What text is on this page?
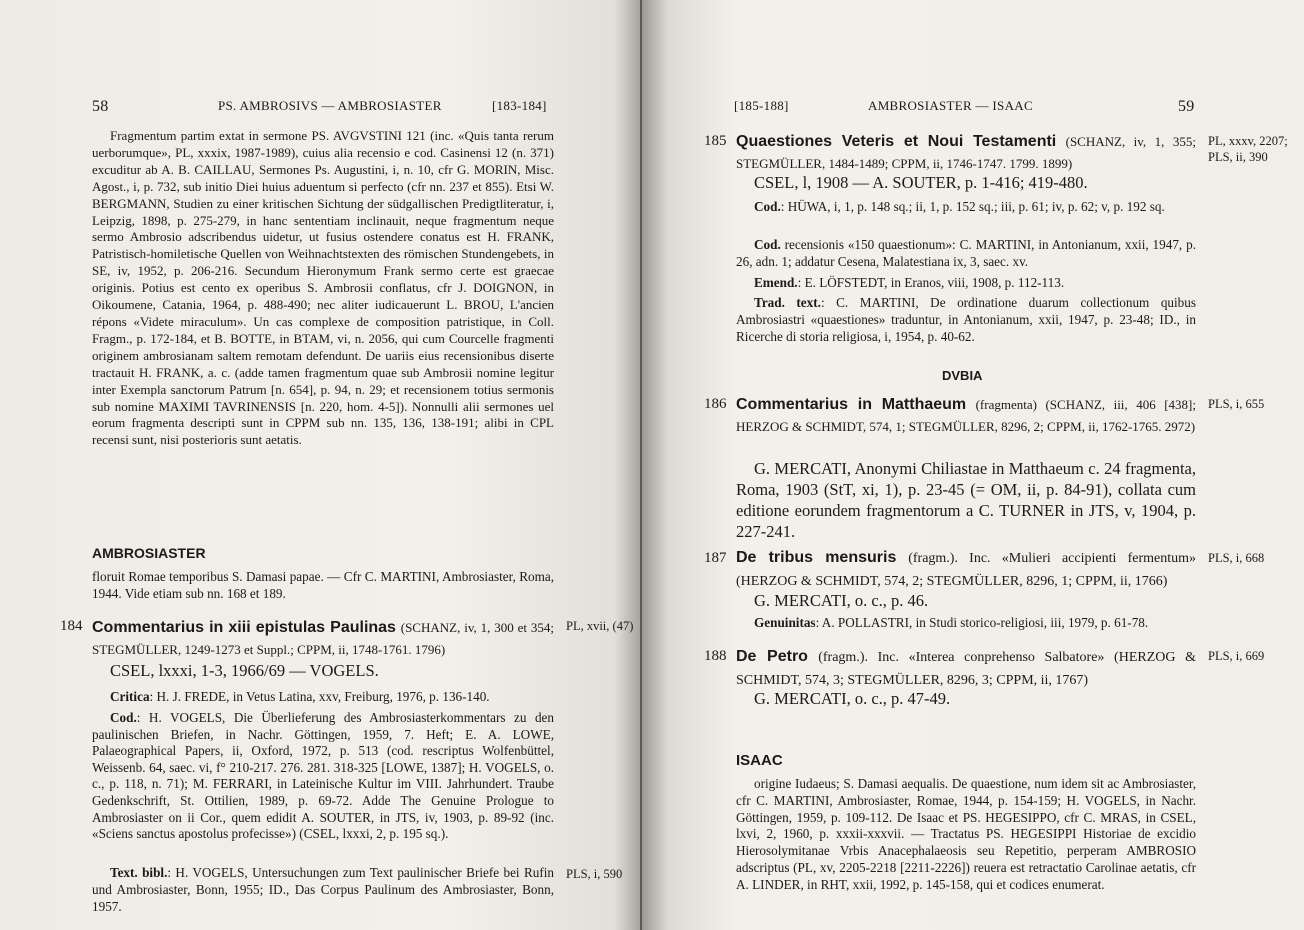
58	PS. AMBROSIVS — AMBROSIASTER	[183-184]

Fragmentum partim extat in sermone PS. AVGVSTINI 121 (inc. «Quis tanta rerum uerborumque», PL, xxxix, 1987-1989), cuius alia recensio e cod. Casinensi 12 (n. 371) excuditur ab A. B. CAILLAU, Sermones Ps. Augustini, i, n. 10, cfr G. MORIN, Misc. Agost., i, p. 732, sub initio Diei huius aduentum si perfecto (cfr nn. 237 et 855). Etsi W. BERGMANN, Studien zu einer kritischen Sichtung der südgallischen Predigtliteratur, i, Leipzig, 1898, p. 275-279, in hanc sententiam inclinauit, neque fragmentum neque sermo Ambrosio adscribendus uidetur, ut fusius ostendere conatus est H. FRANK, Patristisch-homiletische Quellen von Weihnachtstexten des römischen Stundengebets, in SE, iv, 1952, p. 206-216. Secundum Hieronymum Frank sermo certe est graecae originis. Potius est cento ex operibus S. Ambrosii conflatus, cfr J. DOIGNON, in Oikoumene, Catania, 1964, p. 488-490; nec aliter iudicauerunt L. BROU, L'ancien répons «Videte miraculum». Un cas complexe de composition patristique, in Coll. Fragm., p. 172-184, et B. BOTTE, in BTAM, vi, n. 2056, qui cum Courcelle fragmenti originem ambrosianam saltem remotam defendunt. De uariis eius recensionibus diserte tractauit H. FRANK, a. c. (adde tamen fragmentum quae sub Ambrosii nomine legitur inter Exempla sanctorum Patrum [n. 654], p. 94, n. 29; et recensionem totius sermonis sub nomine MAXIMI TAVRINENSIS [n. 220, hom. 4-5]). Nonnulli alii sermones uel eorum fragmenta descripti sunt in CPPM sub nn. 135, 136, 138-191; alibi in CPL recensi sunt, nisi posterioris sunt aetatis.

AMBROSIASTER

floruit Romae temporibus S. Damasi papae. — Cfr C. MARTINI, Ambrosiaster, Roma, 1944. Vide etiam sub nn. 168 et 189.

184 Commentarius in xiii epistulas Paulinas (SCHANZ, iv, 1, 300 et 354; STEGMÜLLER, 1249-1273 et Suppl.; CPPM, ii, 1748-1761. 1796)
PL, xvii, (47)
CSEL, lxxxi, 1-3, 1966/69 — VOGELS.

Critica: H. J. FREDE, in Vetus Latina, xxv, Freiburg, 1976, p. 136-140.

Cod.: H. VOGELS, Die Überlieferung des Ambrosiasterkommentars zu den paulinischen Briefen, in Nachr. Göttingen, 1959, 7. Heft; E. A. LOWE, Palaeographical Papers, ii, Oxford, 1972, p. 513 (cod. rescriptus Wolfenbüttel, Weissenb. 64, saec. vi, f° 210-217. 276. 281. 318-325 [LOWE, 1387]; H. VOGELS, o. c., p. 118, n. 71); M. FERRARI, in Lateinische Kultur im VIII. Jahrhundert. Traube Gedenkschrift, St. Ottilien, 1989, p. 69-72. Adde The Genuine Prologue to Ambrosiaster on ii Cor., quem edidit A. SOUTER, in JTS, iv, 1903, p. 89-92 (inc. «Sciens sanctus apostolus profecisse») (CSEL, lxxxi, 2, p. 195 sq.).

Text. bibl.: H. VOGELS, Untersuchungen zum Text paulinischer Briefe bei Rufin und Ambrosiaster, Bonn, 1955; ID., Das Corpus Paulinum des Ambrosiaster, Bonn, 1957.

PLS, i, 590
[185-188]	AMBROSIASTER — ISAAC	59
185 Quaestiones Veteris et Noui Testamenti (SCHANZ, iv, 1, 355; STEGMÜLLER, 1484-1489; CPPM, ii, 1746-1747. 1799. 1899)
PL, xxxv, 2207; PLS, ii, 390
CSEL, l, 1908 — A. SOUTER, p. 1-416; 419-480.

Cod.: HÜWA, i, 1, p. 148 sq.; ii, 1, p. 152 sq.; iii, p. 61; iv, p. 62; v, p. 192 sq.

Cod. recensionis «150 quaestionum»: C. MARTINI, in Antonianum, xxii, 1947, p. 26, adn. 1; addatur Cesena, Malatestiana ix, 3, saec. xv.

Emend.: E. LÖFSTEDT, in Eranos, viii, 1908, p. 112-113.

Trad. text.: C. MARTINI, De ordinatione duarum collectionum quibus Ambrosiastri «quaestiones» traduntur, in Antonianum, xxii, 1947, p. 23-48; ID., in Ricerche di storia religiosa, i, 1954, p. 40-62.

DVBIA
186 Commentarius in Matthaeum (fragmenta) (SCHANZ, iii, 406 [438]; HERZOG & SCHMIDT, 574, 1; STEGMÜLLER, 8296, 2; CPPM, ii, 1762-1765. 2972)
PLS, i, 655
G. MERCATI, Anonymi Chiliastae in Matthaeum c. 24 fragmenta, Roma, 1903 (StT, xi, 1), p. 23-45 (= OM, ii, p. 84-91), collata cum editione eorundem fragmentorum a C. TURNER in JTS, v, 1904, p. 227-241.
187 De tribus mensuris (fragm.). Inc. «Mulieri accipienti fermentum» (HERZOG & SCHMIDT, 574, 2; STEGMÜLLER, 8296, 1; CPPM, ii, 1766)
PLS, i, 668
G. MERCATI, o. c., p. 46.

Genuinitas: A. POLLASTRI, in Studi storico-religiosi, iii, 1979, p. 61-78.

188 De Petro (fragm.). Inc. «Interea conprehenso Salbatore» (HERZOG & SCHMIDT, 574, 3; STEGMÜLLER, 8296, 3; CPPM, ii, 1767)
PLS, i, 669
G. MERCATI, o. c., p. 47-49.
ISAAC
origine Iudaeus; S. Damasi aequalis. De quaestione, num idem sit ac Ambrosiaster, cfr C. MARTINI, Ambrosiaster, Romae, 1944, p. 154-159; H. VOGELS, in Nachr. Göttingen, 1959, p. 109-112. De Isaac et PS. HEGESIPPO, cfr C. MRAS, in CSEL, lxvi, 2, 1960, p. xxxii-xxxvii. — Tractatus PS. HEGESIPPI Historiae de excidio Hierosolymitanae Vrbis Anacephalaeosis seu Repetitio, perperam AMBROSIO adscriptus (PL, xv, 2205-2218 [2211-2226]) reuera est retractatio Carolinae aetatis, cfr A. LINDER, in RHT, xxii, 1992, p. 145-158, qui et codices enumerat.
